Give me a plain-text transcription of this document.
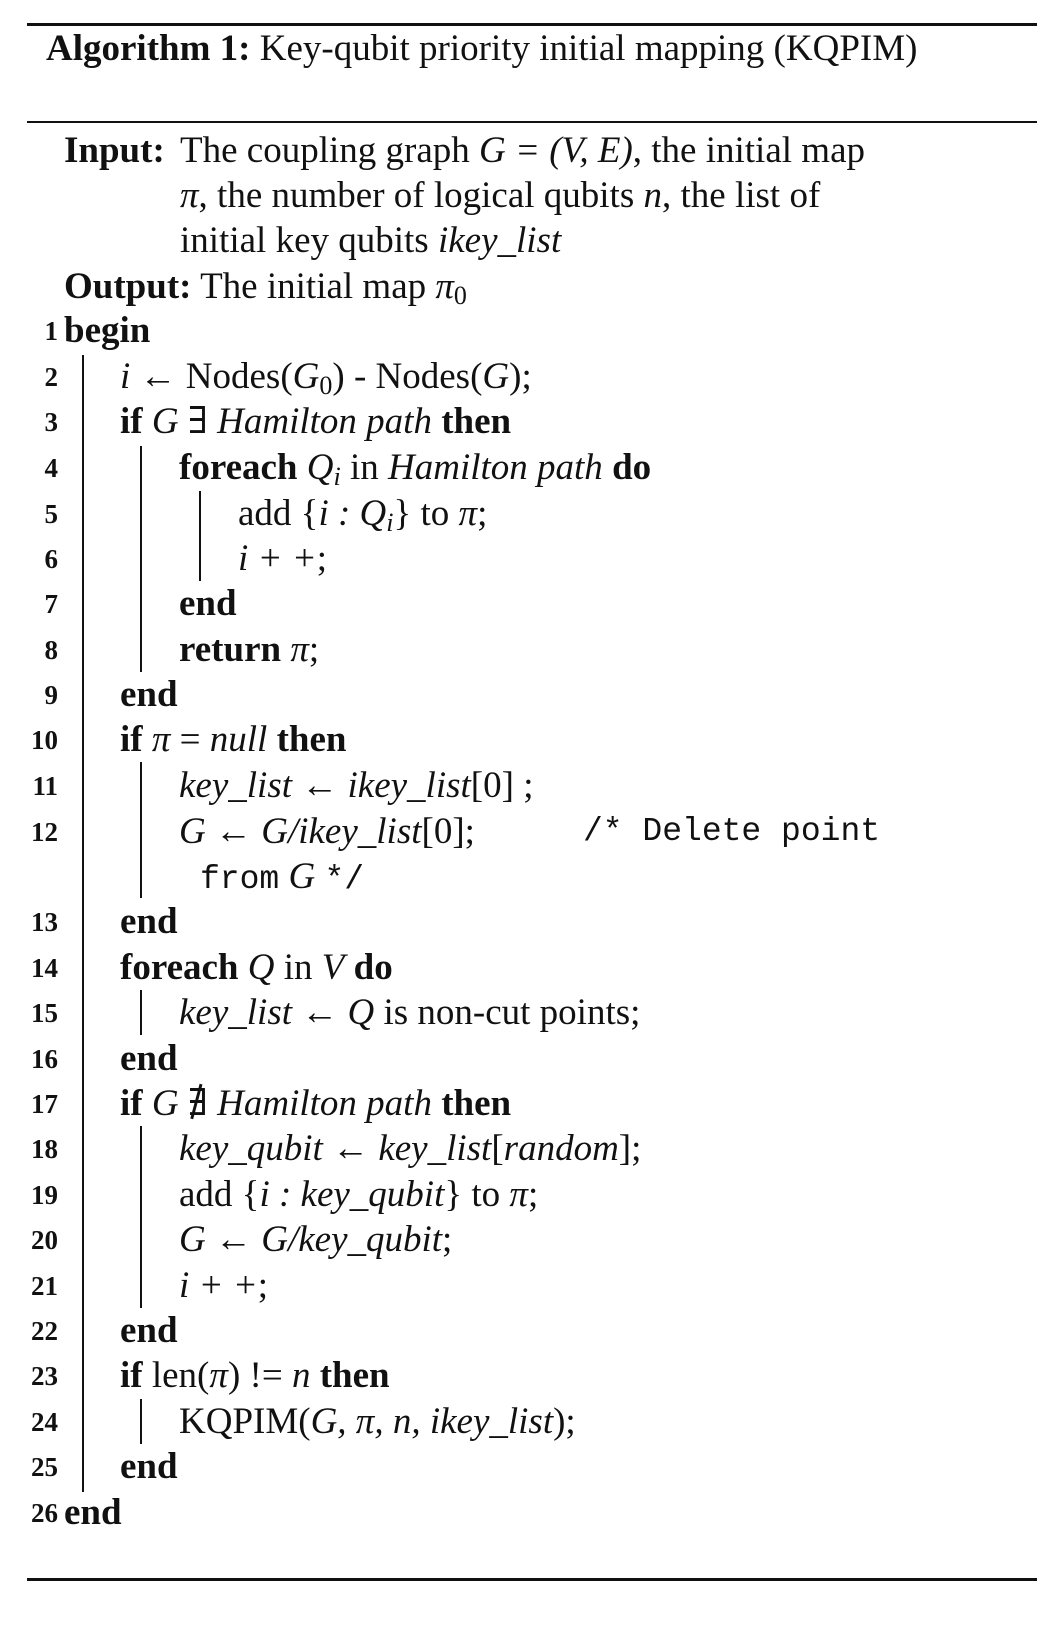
Algorithm 1: Key-qubit priority initial mapping (KQPIM)
Input: The coupling graph G = (V, E), the initial map
π, the number of logical qubits n, the list of
initial key qubits ikey_list
Output: The initial map $\pi_0$
1 begin
2 i ← $Nodes(G_0)$ - Nodes(G);
3 if G ∃ Hamilton path then
4	foreach $Q_i$ in Hamilton path do
5	add {i : $Q_i$} to π;
6	i + +;
7	end
8	return π;
9 end
10 if π = null then
11	key_list ← ikey_list[0] ;
12	G ← G/ikey_list[0];	/* Delete point
from G */
13 end
14 foreach Q in V do
15	key_list ← Q is non-cut points;
16 end
17 if G ∄ Hamilton path then
18	key_qubit ← key_list[random];
19	add {i : key_qubit} to π;
20	G ← G/key_qubit;
21	i + +;
22 end
23 if len(π) != n then
24	KQPIM(G, π, n, ikey_list);
25 end
26 end
